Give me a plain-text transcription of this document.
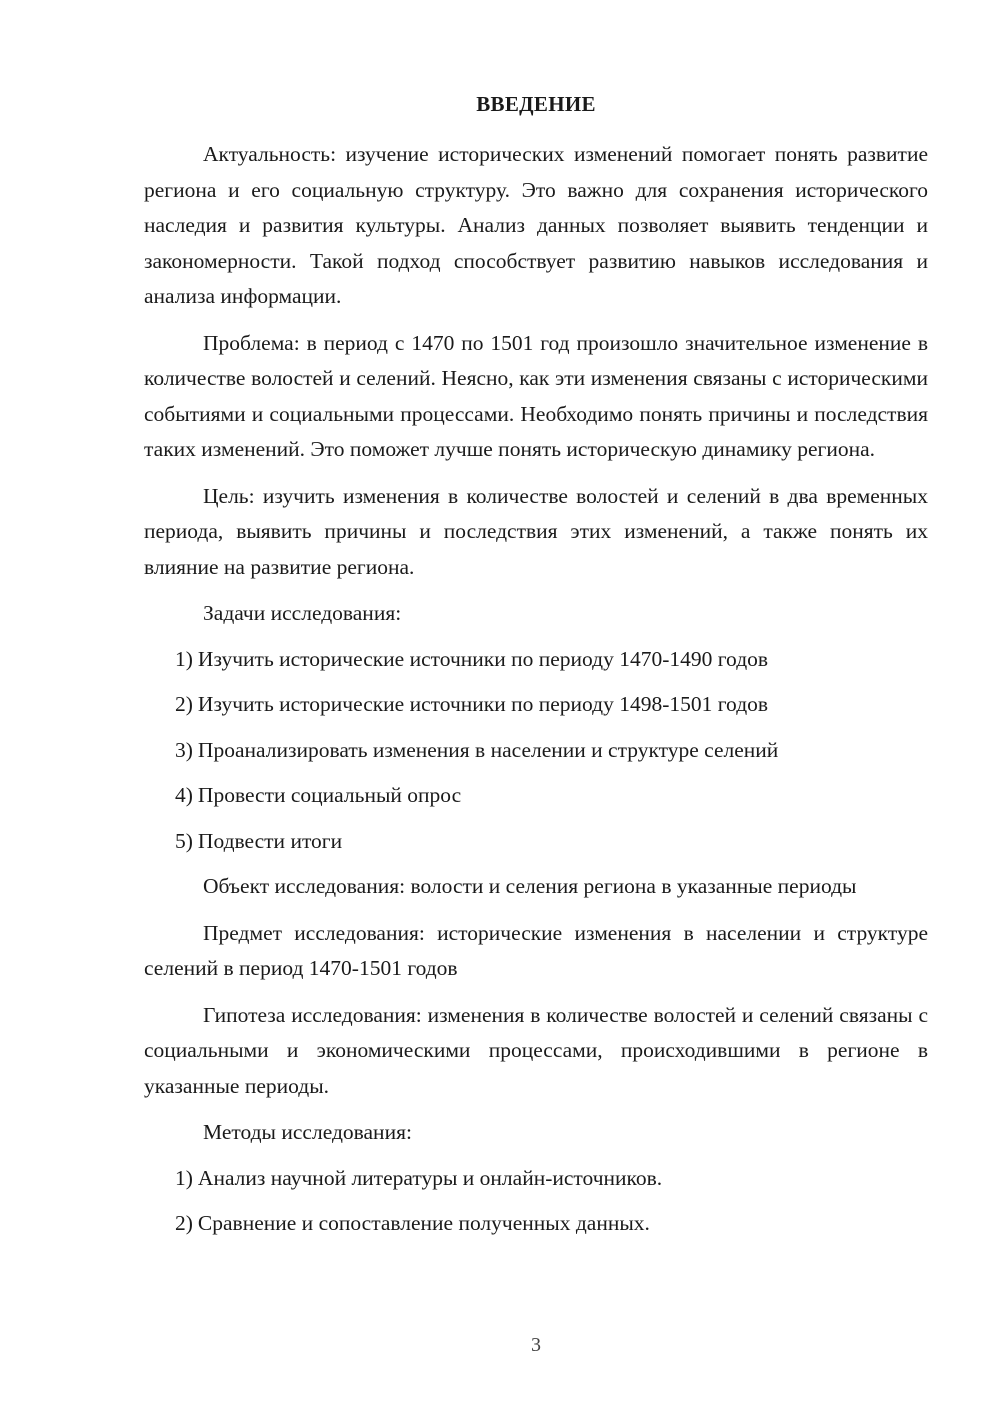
ВВЕДЕНИЕ

Актуальность: изучение исторических изменений помогает понять развитие региона и его социальную структуру. Это важно для сохранения исторического наследия и развития культуры. Анализ данных позволяет выявить тенденции и закономерности. Такой подход способствует развитию навыков исследования и анализа информации.

Проблема: в период с 1470 по 1501 год произошло значительное изменение в количестве волостей и селений. Неясно, как эти изменения связаны с историческими событиями и социальными процессами. Необходимо понять причины и последствия таких изменений. Это поможет лучше понять историческую динамику региона.

Цель: изучить изменения в количестве волостей и селений в два временных периода, выявить причины и последствия этих изменений, а также понять их влияние на развитие региона.

Задачи исследования:

1) Изучить исторические источники по периоду 1470-1490 годов
2) Изучить исторические источники по периоду 1498-1501 годов
3) Проанализировать изменения в населении и структуре селений
4) Провести социальный опрос
5) Подвести итоги

Объект исследования: волости и селения региона в указанные периоды

Предмет исследования: исторические изменения в населении и структуре селений в период 1470-1501 годов

Гипотеза исследования: изменения в количестве волостей и селений связаны с социальными и экономическими процессами, происходившими в регионе в указанные периоды.

Методы исследования:

1) Анализ научной литературы и онлайн-источников.
2) Сравнение и сопоставление полученных данных.
3
